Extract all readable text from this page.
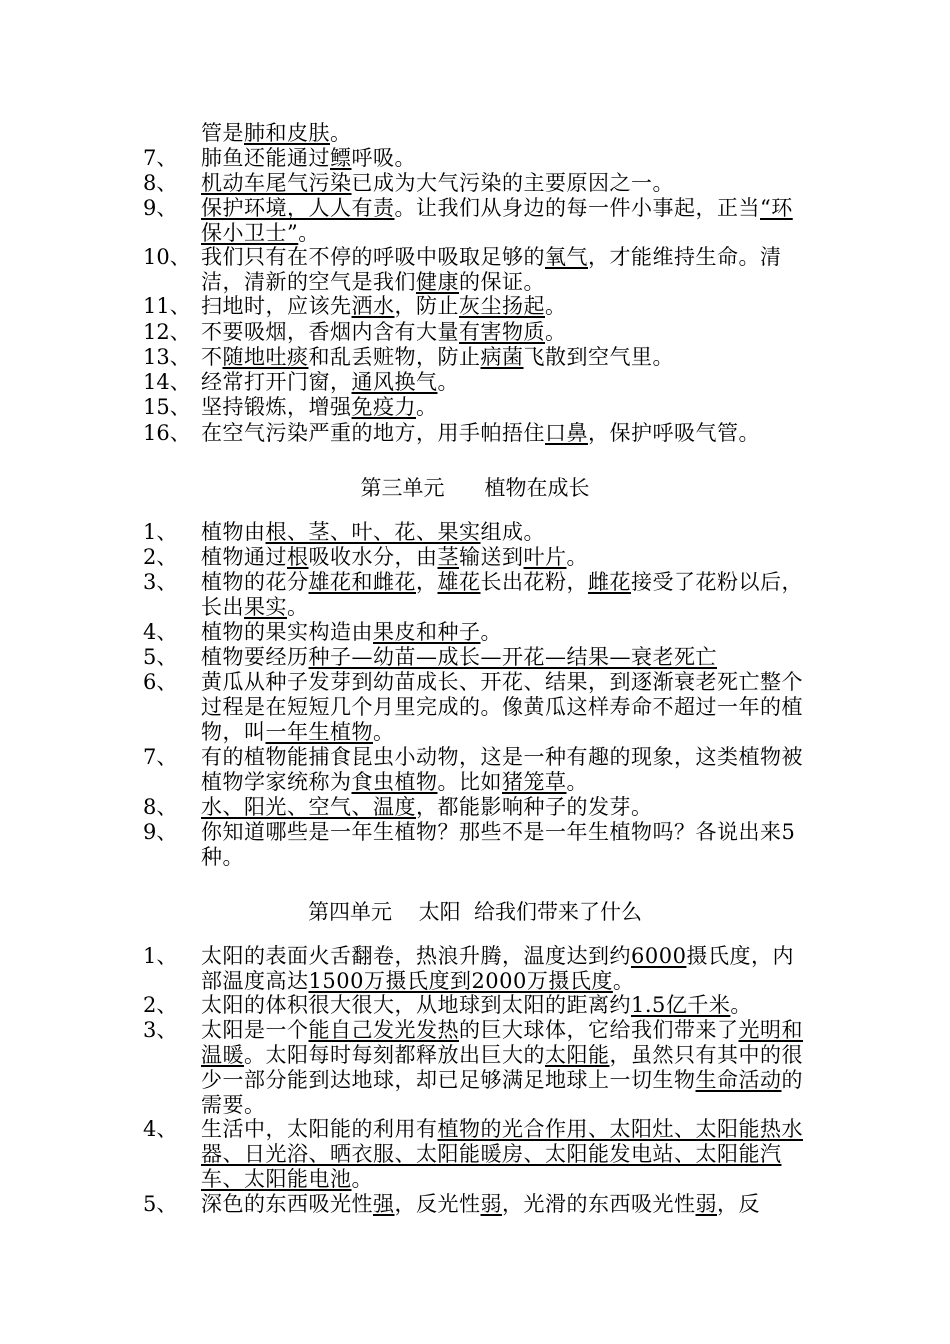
管是肺和皮肤。
7、	肺鱼还能通过鳔呼吸。
8、	机动车尾气污染已成为大气污染的主要原因之一。
9、	保护环境，人人有责。让我们从身边的每一件小事起，正当“环保小卫士”。
10、 我们只有在不停的呼吸中吸取足够的氧气，才能维持生命。清洁，清新的空气是我们健康的保证。
11、 扫地时，应该先洒水，防止灰尘扬起。
12、 不要吸烟，香烟内含有大量有害物质。
13、 不随地吐痰和乱丢赃物，防止病菌飞散到空气里。
14、 经常打开门窗，通风换气。
15、 坚持锻炼，增强免疫力。
16、 在空气污染严重的地方，用手帕捂住口鼻，保护呼吸气管。
第三单元      植物在成长
1、	植物由根、茎、叶、花、果实组成。
2、	植物通过根吸收水分，由茎输送到叶片。
3、	植物的花分雄花和雌花，雄花长出花粉，雌花接受了花粉以后，长出果实。
4、	植物的果实构造由果皮和种子。
5、	植物要经历种子—幼苗—成长—开花—结果—衰老死亡
6、	黄瓜从种子发芽到幼苗成长、开花、结果，到逐渐衰老死亡整个过程是在短短几个月里完成的。像黄瓜这样寿命不超过一年的植物，叫一年生植物。
7、	有的植物能捕食昆虫小动物，这是一种有趣的现象，这类植物被植物学家统称为食虫植物。比如猪笼草。
8、	水、阳光、空气、温度，都能影响种子的发芽。
9、	你知道哪些是一年生植物？那些不是一年生植物吗？各说出来5种。
第四单元    太阳  给我们带来了什么
1、	太阳的表面火舌翻卷，热浪升腾，温度达到约6000摄氏度，内部温度高达1500万摄氏度到2000万摄氏度。
2、	太阳的体积很大很大，从地球到太阳的距离约1.5亿千米。
3、	太阳是一个能自己发光发热的巨大球体，它给我们带来了光明和温暖。太阳每时每刻都释放出巨大的太阳能，虽然只有其中的很少一部分能到达地球，却已足够满足地球上一切生物生命活动的需要。
4、	生活中，太阳能的利用有植物的光合作用、太阳灶、太阳能热水器、日光浴、晒衣服、太阳能暖房、太阳能发电站、太阳能汽车、太阳能电池。
5、	深色的东西吸光性强，反光性弱，光滑的东西吸光性弱，反
